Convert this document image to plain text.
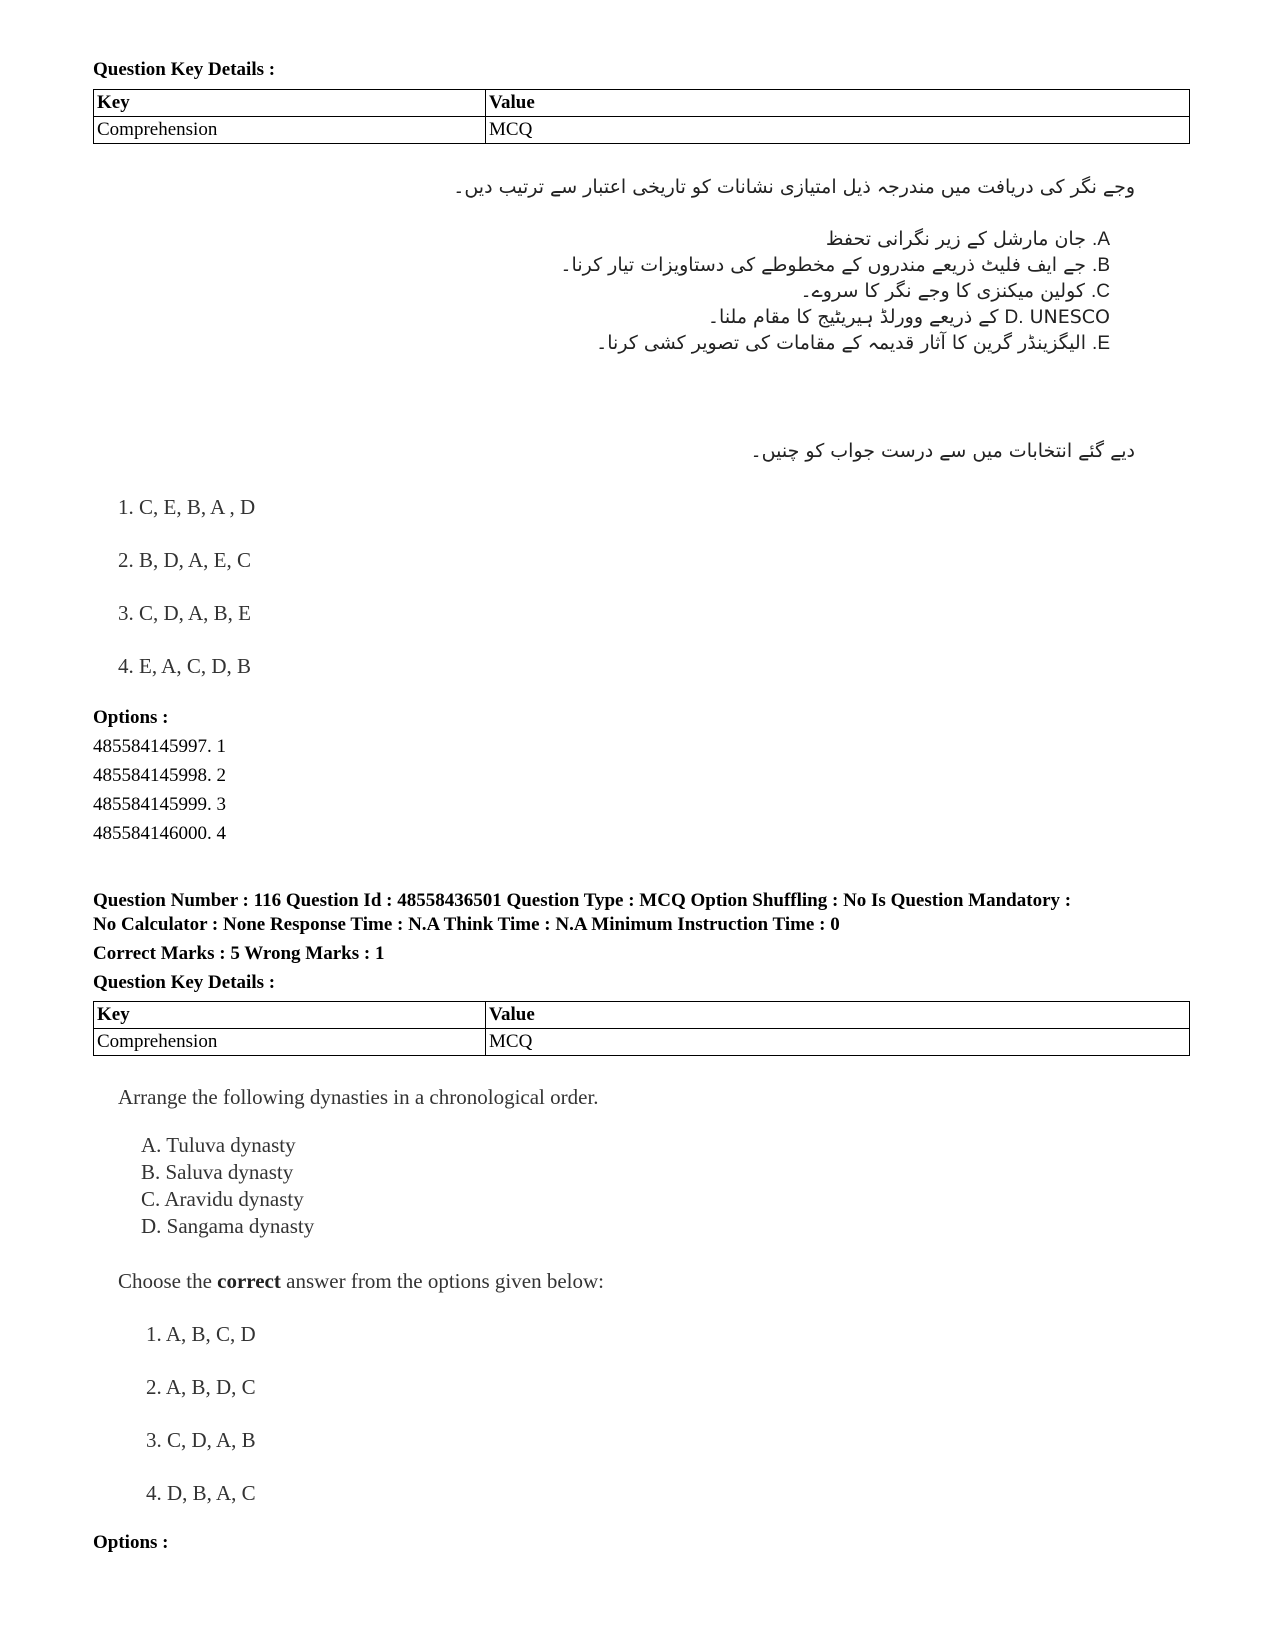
Question Key Details :
Key	Value
Comprehension	MCQ
وجے نگر کی دریافت میں مندرجہ ذیل امتیازی نشانات کو تاریخی اعتبار سے ترتیب دیں۔
A. جان مارشل کے زیر نگرانی تحفظ
B. جے ایف فلیٹ ذریعے مندروں کے مخطوطے کی دستاویزات تیار کرنا۔
C. کولین میکنزی کا وجے نگر کا سروے۔
D. UNESCO کے ذریعے وورلڈ ہیریٹیج کا مقام ملنا۔
E. الیگزینڈر گرین کا آثار قدیمہ کے مقامات کی تصویر کشی کرنا۔
دیے گئے انتخابات میں سے درست جواب کو چنیں۔
1. C, E, B, A , D
2. B, D, A, E, C
3. C, D, A, B, E
4. E, A, C, D, B
Options :
485584145997. 1
485584145998. 2
485584145999. 3
485584146000. 4
Question Number : 116 Question Id : 48558436501 Question Type : MCQ Option Shuffling : No Is Question Mandatory :
No Calculator : None Response Time : N.A Think Time : N.A Minimum Instruction Time : 0
Correct Marks : 5 Wrong Marks : 1
Question Key Details :
Key	Value
Comprehension	MCQ
Arrange the following dynasties in a chronological order.
A. Tuluva dynasty
B. Saluva dynasty
C. Aravidu dynasty
D. Sangama dynasty
Choose the correct answer from the options given below:
1. A, B, C, D
2. A, B, D, C
3. C, D, A, B
4. D, B, A, C
Options :
